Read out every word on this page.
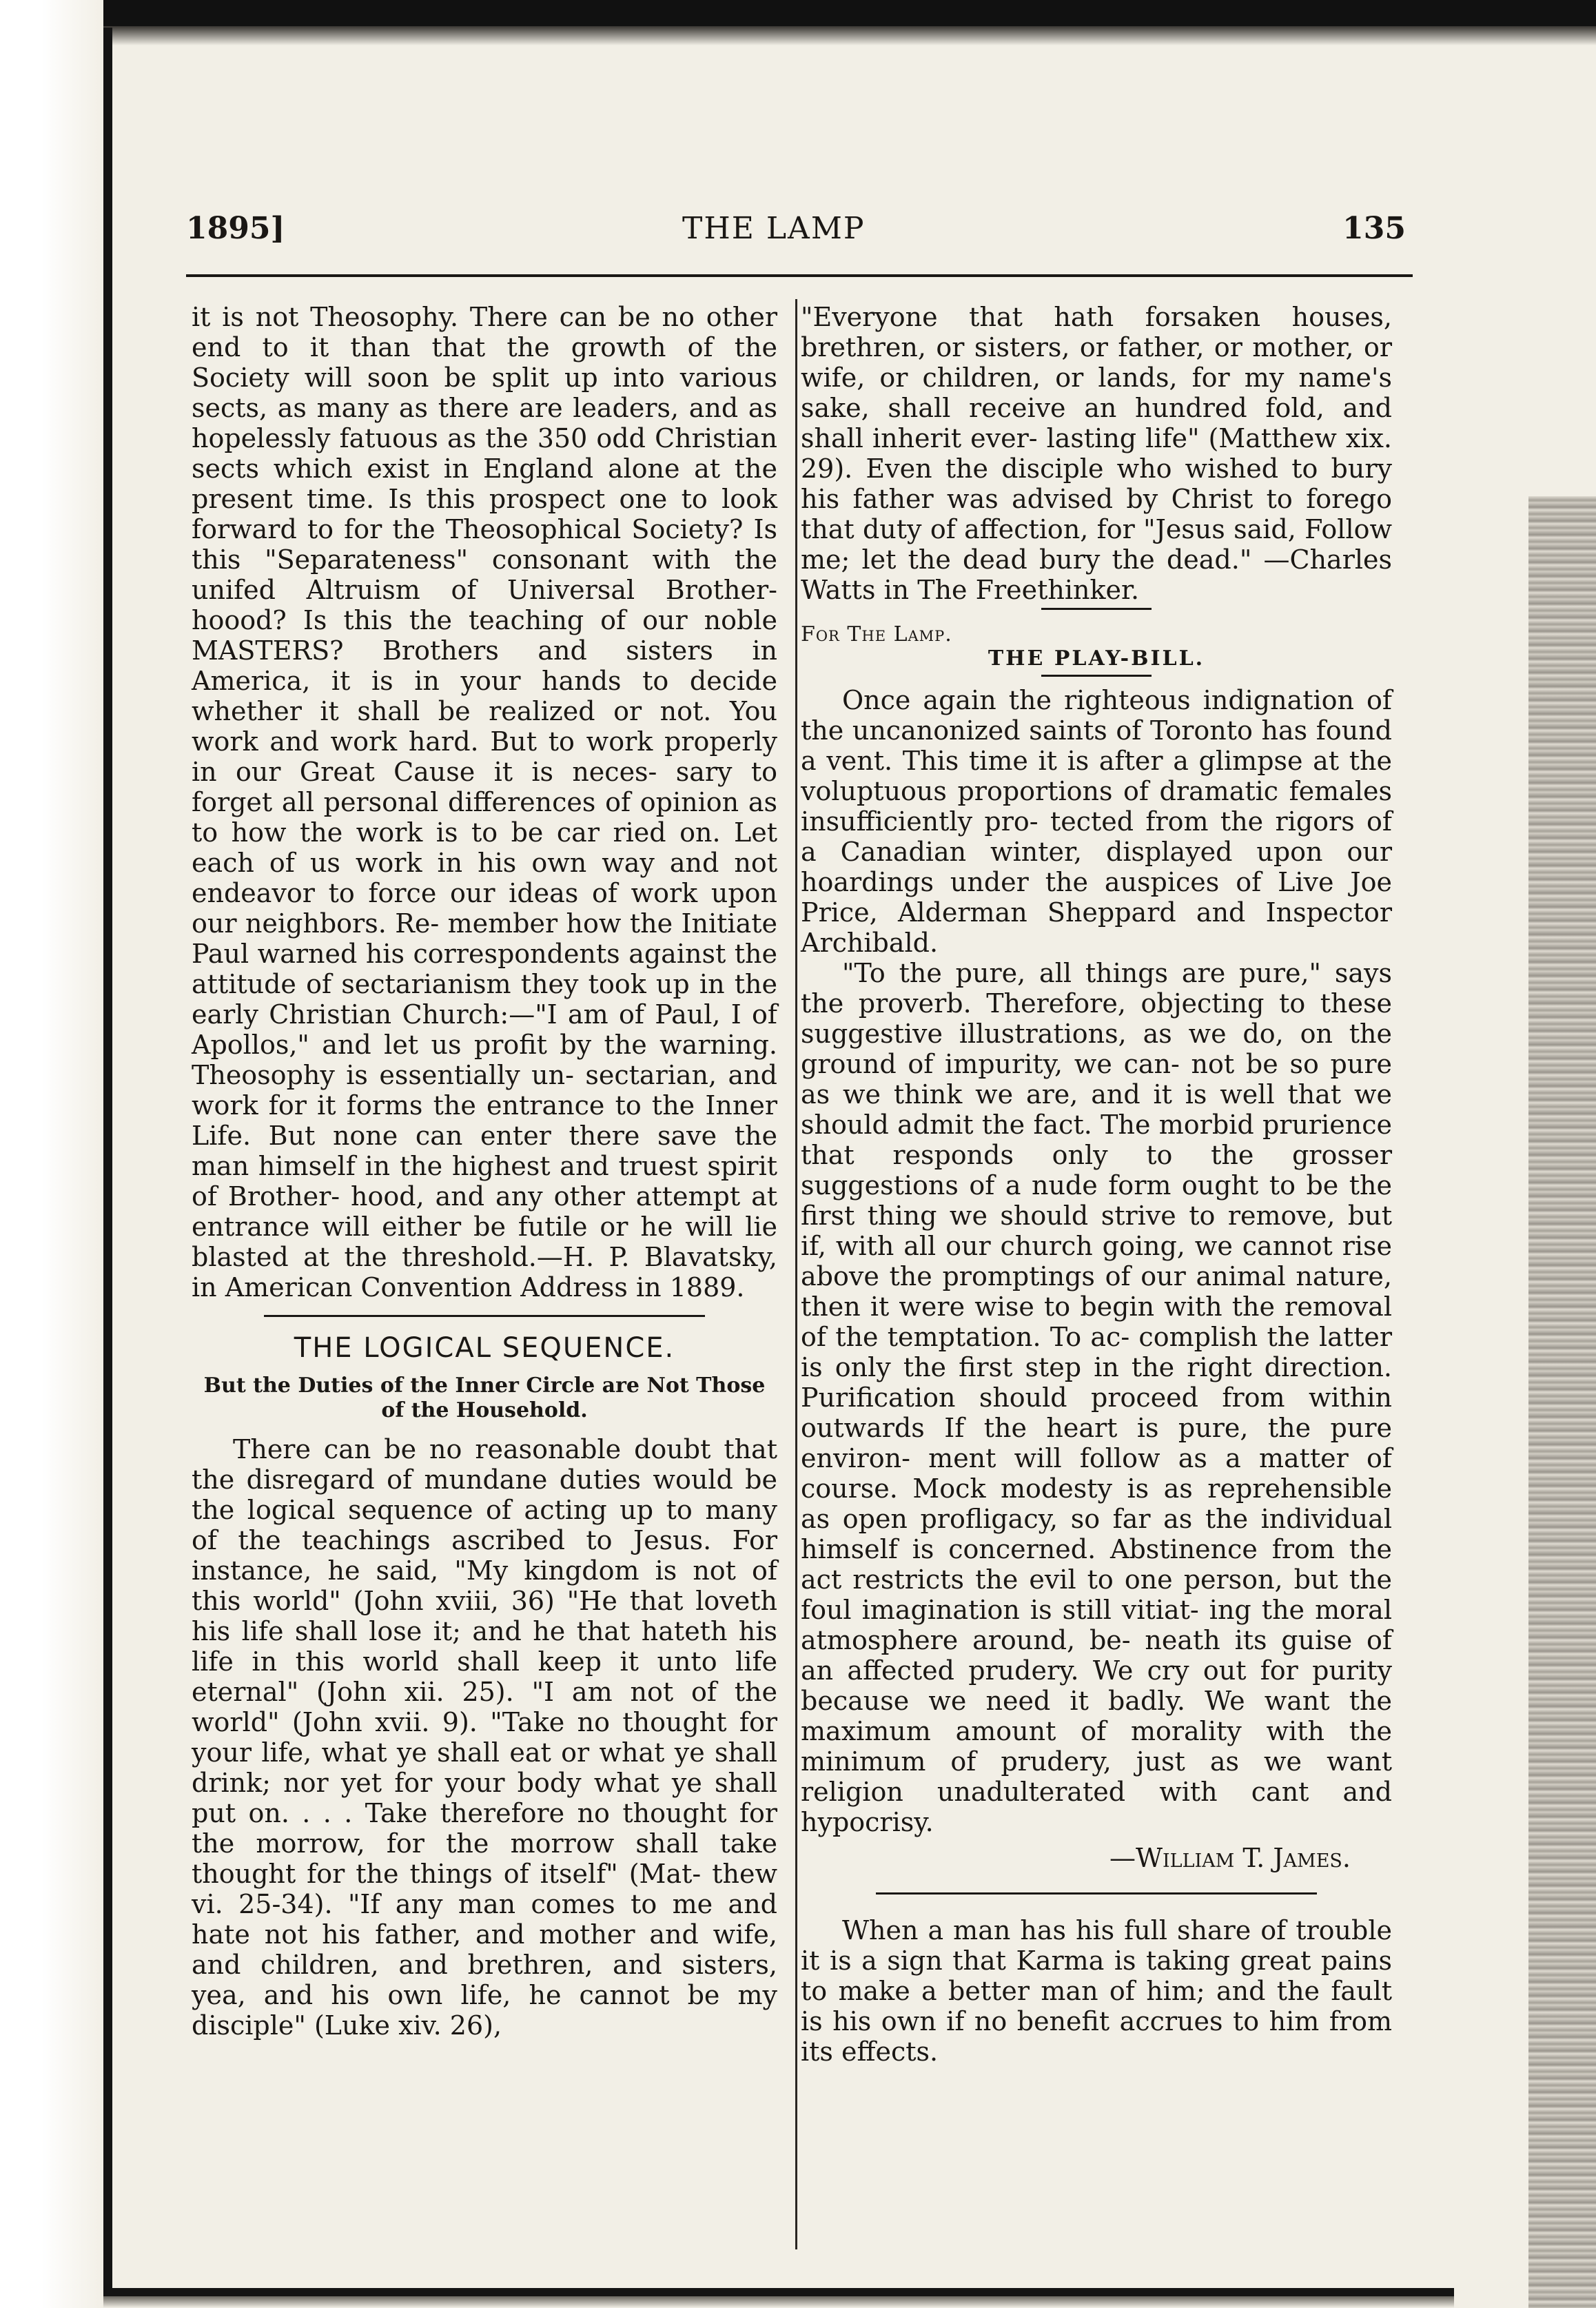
1895]	THE LAMP	135

it is not Theosophy. There can be no other end to it than that the growth of the Society will soon be split up into various sects, as many as there are leaders, and as hopelessly fatuous as the 350 odd Christian sects which exist in England alone at the present time. Is this prospect one to look forward to for the Theosophical Society? Is this "Separateness" consonant with the unifed Altruism of Universal Brother- hoood? Is this the teaching of our noble MASTERS? Brothers and sisters in America, it is in your hands to decide whether it shall be realized or not. You work and work hard. But to work properly in our Great Cause it is neces- sary to forget all personal differences of opinion as to how the work is to be car ried on. Let each of us work in his own way and not endeavor to force our ideas of work upon our neighbors. Re- member how the Initiate Paul warned his correspondents against the attitude of sectarianism they took up in the early Christian Church:—"I am of Paul, I of Apollos," and let us profit by the warning. Theosophy is essentially un- sectarian, and work for it forms the entrance to the Inner Life. But none can enter there save the man himself in the highest and truest spirit of Brother- hood, and any other attempt at entrance will either be futile or he will lie blasted at the threshold.—H. P. Blavatsky, in American Convention Address in 1889.

THE LOGICAL SEQUENCE.
But the Duties of the Inner Circle are Not Those of the Household.

There can be no reasonable doubt that the disregard of mundane duties would be the logical sequence of acting up to many of the teachings ascribed to Jesus. For instance, he said, "My kingdom is not of this world" (John xviii, 36) "He that loveth his life shall lose it; and he that hateth his life in this world shall keep it unto life eternal" (John xii. 25). "I am not of the world" (John xvii. 9). "Take no thought for your life, what ye shall eat or what ye shall drink; nor yet for your body what ye shall put on. . . . Take therefore no thought for the morrow, for the morrow shall take thought for the things of itself" (Mat- thew vi. 25-34). "If any man comes to me and hate not his father, and mother and wife, and children, and brethren, and sisters, yea, and his own life, he cannot be my disciple" (Luke xiv. 26),

"Everyone that hath forsaken houses, brethren, or sisters, or father, or mother, or wife, or children, or lands, for my name's sake, shall receive an hundred fold, and shall inherit ever- lasting life" (Matthew xix. 29). Even the disciple who wished to bury his father was advised by Christ to forego that duty of affection, for "Jesus said, Follow me; let the dead bury the dead." —Charles Watts in The Freethinker.

For The Lamp.
THE PLAY-BILL.

Once again the righteous indignation of the uncanonized saints of Toronto has found a vent. This time it is after a glimpse at the voluptuous proportions of dramatic females insufficiently pro- tected from the rigors of a Canadian winter, displayed upon our hoardings under the auspices of Live Joe Price, Alderman Sheppard and Inspector Archibald.

"To the pure, all things are pure," says the proverb. Therefore, objecting to these suggestive illustrations, as we do, on the ground of impurity, we can- not be so pure as we think we are, and it is well that we should admit the fact. The morbid prurience that responds only to the grosser suggestions of a nude form ought to be the first thing we should strive to remove, but if, with all our church going, we cannot rise above the promptings of our animal nature, then it were wise to begin with the removal of the temptation. To ac- complish the latter is only the first step in the right direction. Purification should proceed from within outwards If the heart is pure, the pure environ- ment will follow as a matter of course. Mock modesty is as reprehensible as open profligacy, so far as the individual himself is concerned. Abstinence from the act restricts the evil to one person, but the foul imagination is still vitiat- ing the moral atmosphere around, be- neath its guise of an affected prudery. We cry out for purity because we need it badly. We want the maximum amount of morality with the minimum of prudery, just as we want religion unadulterated with cant and hypocrisy.

—William T. James.

When a man has his full share of trouble it is a sign that Karma is taking great pains to make a better man of him; and the fault is his own if no benefit accrues to him from its effects.
